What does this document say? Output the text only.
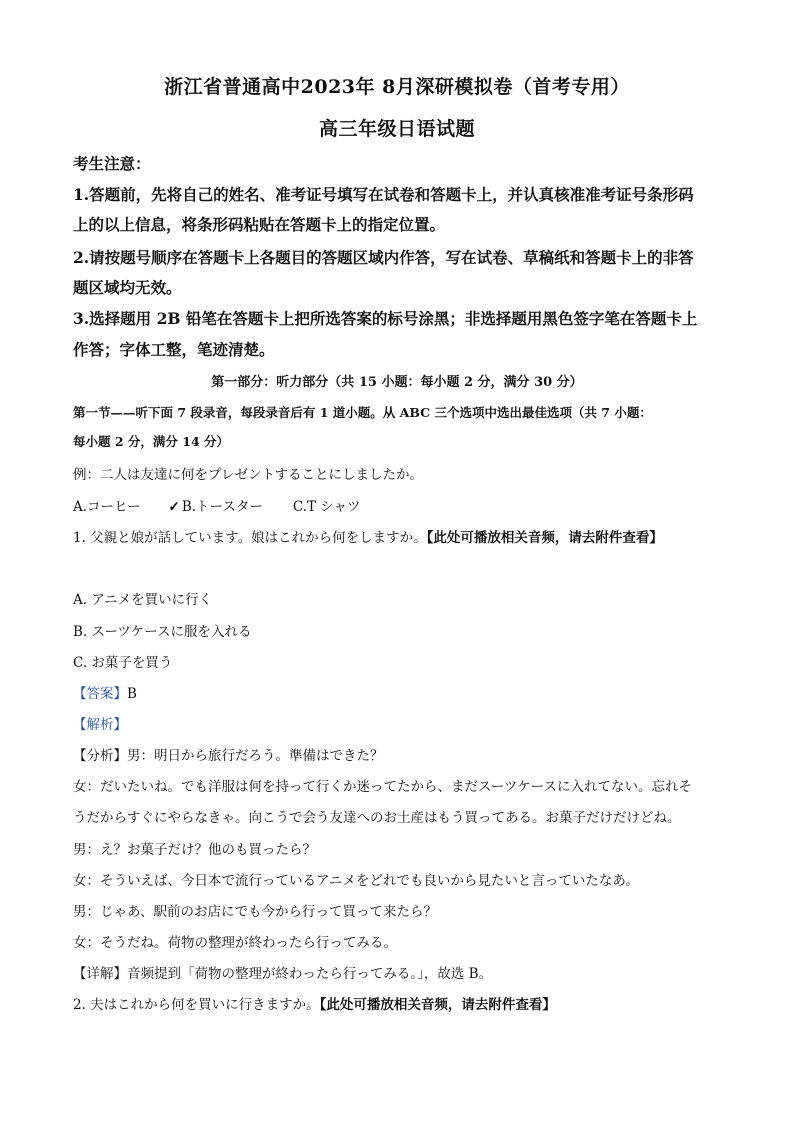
浙江省普通高中2023年 8月深研模拟卷（首考专用）
高三年级日语试题
考生注意：
1.答题前，先将自己的姓名、准考证号填写在试卷和答题卡上，并认真核准准考证号条形码
上的以上信息，将条形码粘贴在答题卡上的指定位置。
2.请按题号顺序在答题卡上各题目的答题区域内作答，写在试卷、草稿纸和答题卡上的非答
题区域均无效。
3.选择题用 2B 铅笔在答题卡上把所选答案的标号涂黑；非选择题用黑色签字笔在答题卡上
作答；字体工整，笔迹清楚。
第一部分：听力部分（共 15 小题：每小题 2 分，满分 30 分）
第一节——听下面 7 段录音，每段录音后有 1 道小题。从 ABC 三个选项中选出最佳选项（共 7 小题：
每小题 2 分，满分 14 分）
例：二人は友達に何をプレゼントすることにしましたか。
A.コーヒー ✓ B.トースター C.T シャツ
1. 父親と娘が話しています。娘はこれから何をしますか。【此处可播放相关音频，请去附件查看】
A. アニメを買いに行く
B. スーツケースに服を入れる
C. お菓子を買う
【答案】B
【解析】
【分析】男：明日から旅行だろう。準備はできた？
女：だいたいね。でも洋服は何を持って行くか迷ってたから、まだスーツケースに入れてない。忘れそ
うだからすぐにやらなきゃ。向こうで会う友達へのお土産はもう買ってある。お菓子だけだけどね。
男：え？お菓子だけ？他のも買ったら？
女：そういえば、今日本で流行っているアニメをどれでも良いから見たいと言っていたなあ。
男：じゃあ、駅前のお店にでも今から行って買って来たら？
女：そうだね。荷物の整理が終わったら行ってみる。
【详解】音频提到「荷物の整理が終わったら行ってみる。」，故选 B。
2. 夫はこれから何を買いに行きますか。【此处可播放相关音频，请去附件查看】
